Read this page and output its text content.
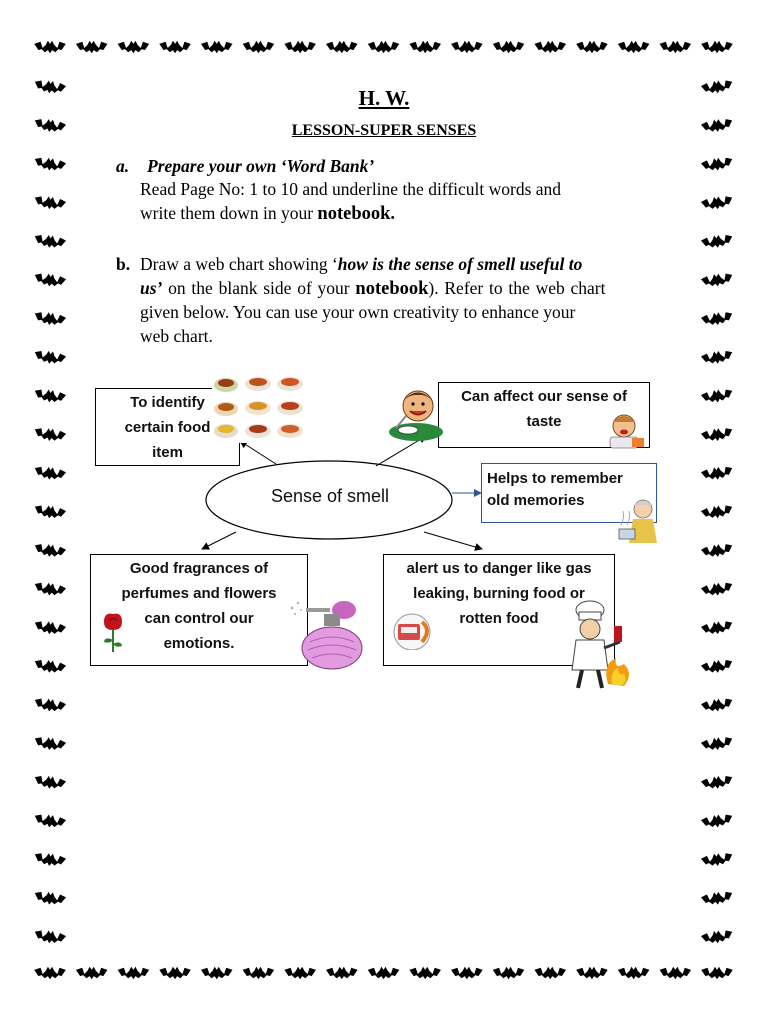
H. W.
LESSON-SUPER SENSES
a. Prepare your own ‘Word Bank’
Read Page No: 1 to 10 and underline the difficult words and
write them down in your notebook.
b. Draw a web chart showing ‘how is the sense of smell useful to
us’ on the blank side of your notebook). Refer to the web chart
given below. You can use your own creativity to enhance your
web chart.
Sense of smell
To identify
certain food
item
Can affect our sense of
taste
Helps to remember
old memories
Good fragrances of
perfumes and flowers
can control our
emotions.
alert us to danger like gas
leaking, burning food or
rotten food
